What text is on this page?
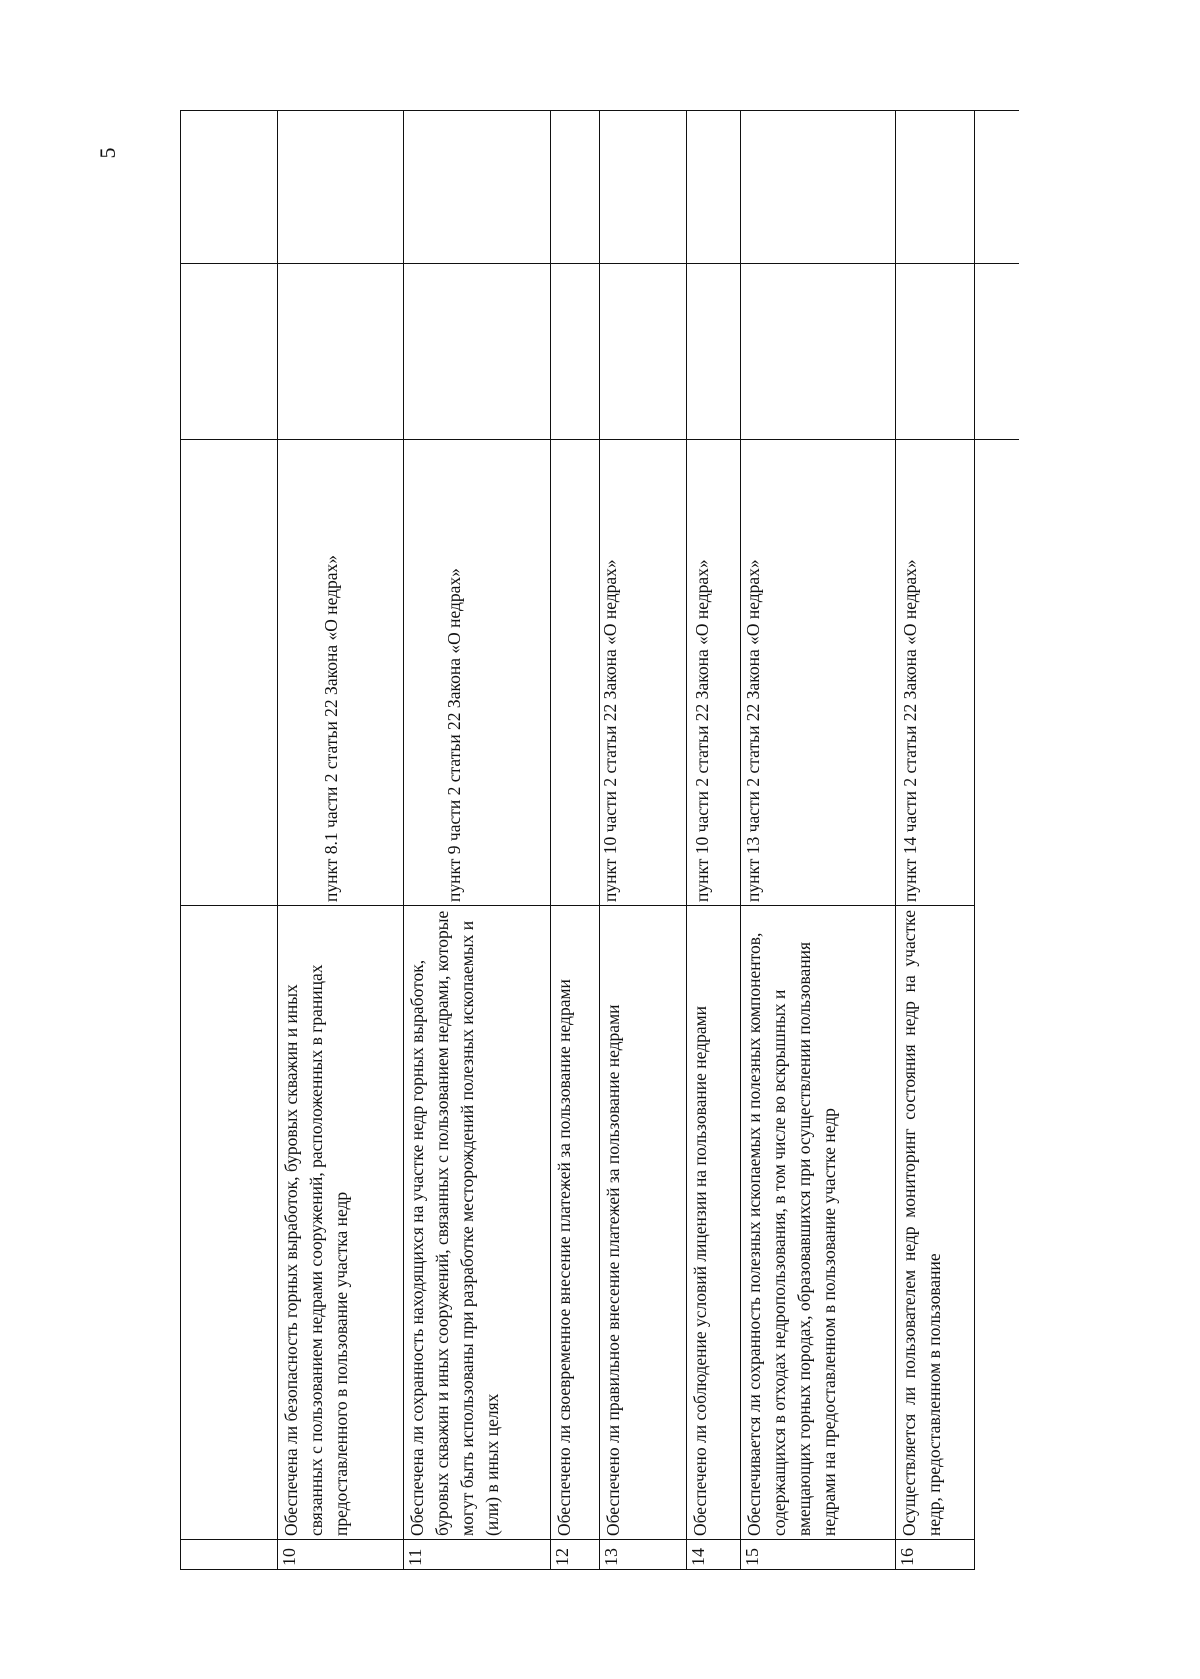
5
10
Обеспечена ли безопасность горных выработок, буровых скважин и иных связанных с пользованием недрами сооружений, расположенных в границах предоставленного в пользование участка недр
пункт 8.1 части 2 статьи 22 Закона «О недрах»
11
Обеспечена ли сохранность находящихся на участке недр горных выработок, буровых скважин и иных сооружений, связанных с пользованием недрами, которые могут быть использованы при разработке месторождений полезных ископаемых и (или) в иных целях
пункт 9 части 2 статьи 22 Закона «О недрах»
12
Обеспечено ли своевременное внесение платежей за пользование недрами
пункт 10 части 2 статьи 22 Закона «О недрах»
13
Обеспечено ли правильное внесение платежей за пользование недрами
14
Обеспечено ли соблюдение условий лицензии на пользование недрами
пункт 10 части 2 статьи 22 Закона «О недрах»
15
Обеспечивается ли сохранность полезных ископаемых и полезных компонентов, содержащихся в отходах недропользования, в том числе во вскрышных и вмещающих горных породах, образовавшихся при осуществлении пользования недрами на предоставленном в пользование участке недр
пункт 13 части 2 статьи 22 Закона «О недрах»
16
Осуществляется ли пользователем недр мониторинг состояния недр на участке недр, предоставленном в пользование
пункт 14 части 2 статьи 22 Закона «О недрах»
